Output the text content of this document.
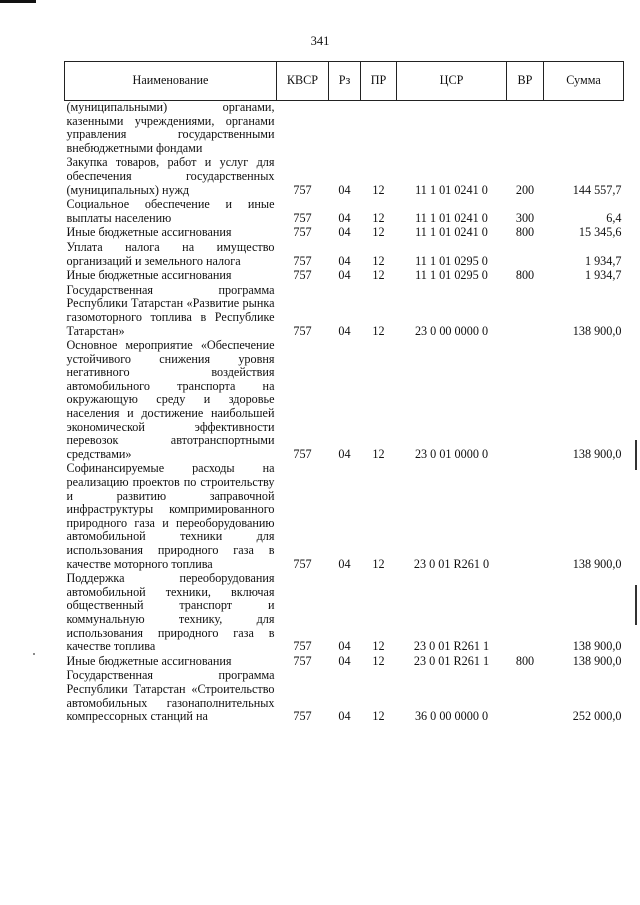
341
Наименование	КВСР	Рз	ПР	ЦСР	ВР	Сумма
(муниципальными) органами, казенными учреждениями, органами управления государственными внебюджетными фондами						
Закупка товаров, работ и услуг для обеспечения государственных (муниципальных) нужд	757	04	12	11 1 01 0241 0	200	144 557,7
Социальное обеспечение и иные выплаты населению	757	04	12	11 1 01 0241 0	300	6,4
Иные бюджетные ассигнования	757	04	12	11 1 01 0241 0	800	15 345,6
Уплата налога на имущество организаций и земельного налога	757	04	12	11 1 01 0295 0		1 934,7
Иные бюджетные ассигнования	757	04	12	11 1 01 0295 0	800	1 934,7
Государственная программа Республики Татарстан «Развитие рынка газомоторного топлива в Республике Татарстан»	757	04	12	23 0 00 0000 0		138 900,0
Основное мероприятие «Обеспечение устойчивого снижения уровня негативного воздействия автомобильного транспорта на окружающую среду и здоровье населения и достижение наибольшей экономической эффективности перевозок автотранспортными средствами»	757	04	12	23 0 01 0000 0		138 900,0
Софинансируемые расходы на реализацию проектов по строительству и развитию заправочной инфраструктуры компримированного природного газа и переоборудованию автомобильной техники для использования природного газа в качестве моторного топлива	757	04	12	23 0 01 R261 0		138 900,0
Поддержка переоборудования автомобильной техники, включая общественный транспорт и коммунальную технику, для использования природного газа в качестве топлива	757	04	12	23 0 01 R261 1		138 900,0
Иные бюджетные ассигнования	757	04	12	23 0 01 R261 1	800	138 900,0
Государственная программа Республики Татарстан «Строительство автомобильных газонаполнительных компрессорных станций на	757	04	12	36 0 00 0000 0		252 000,0
